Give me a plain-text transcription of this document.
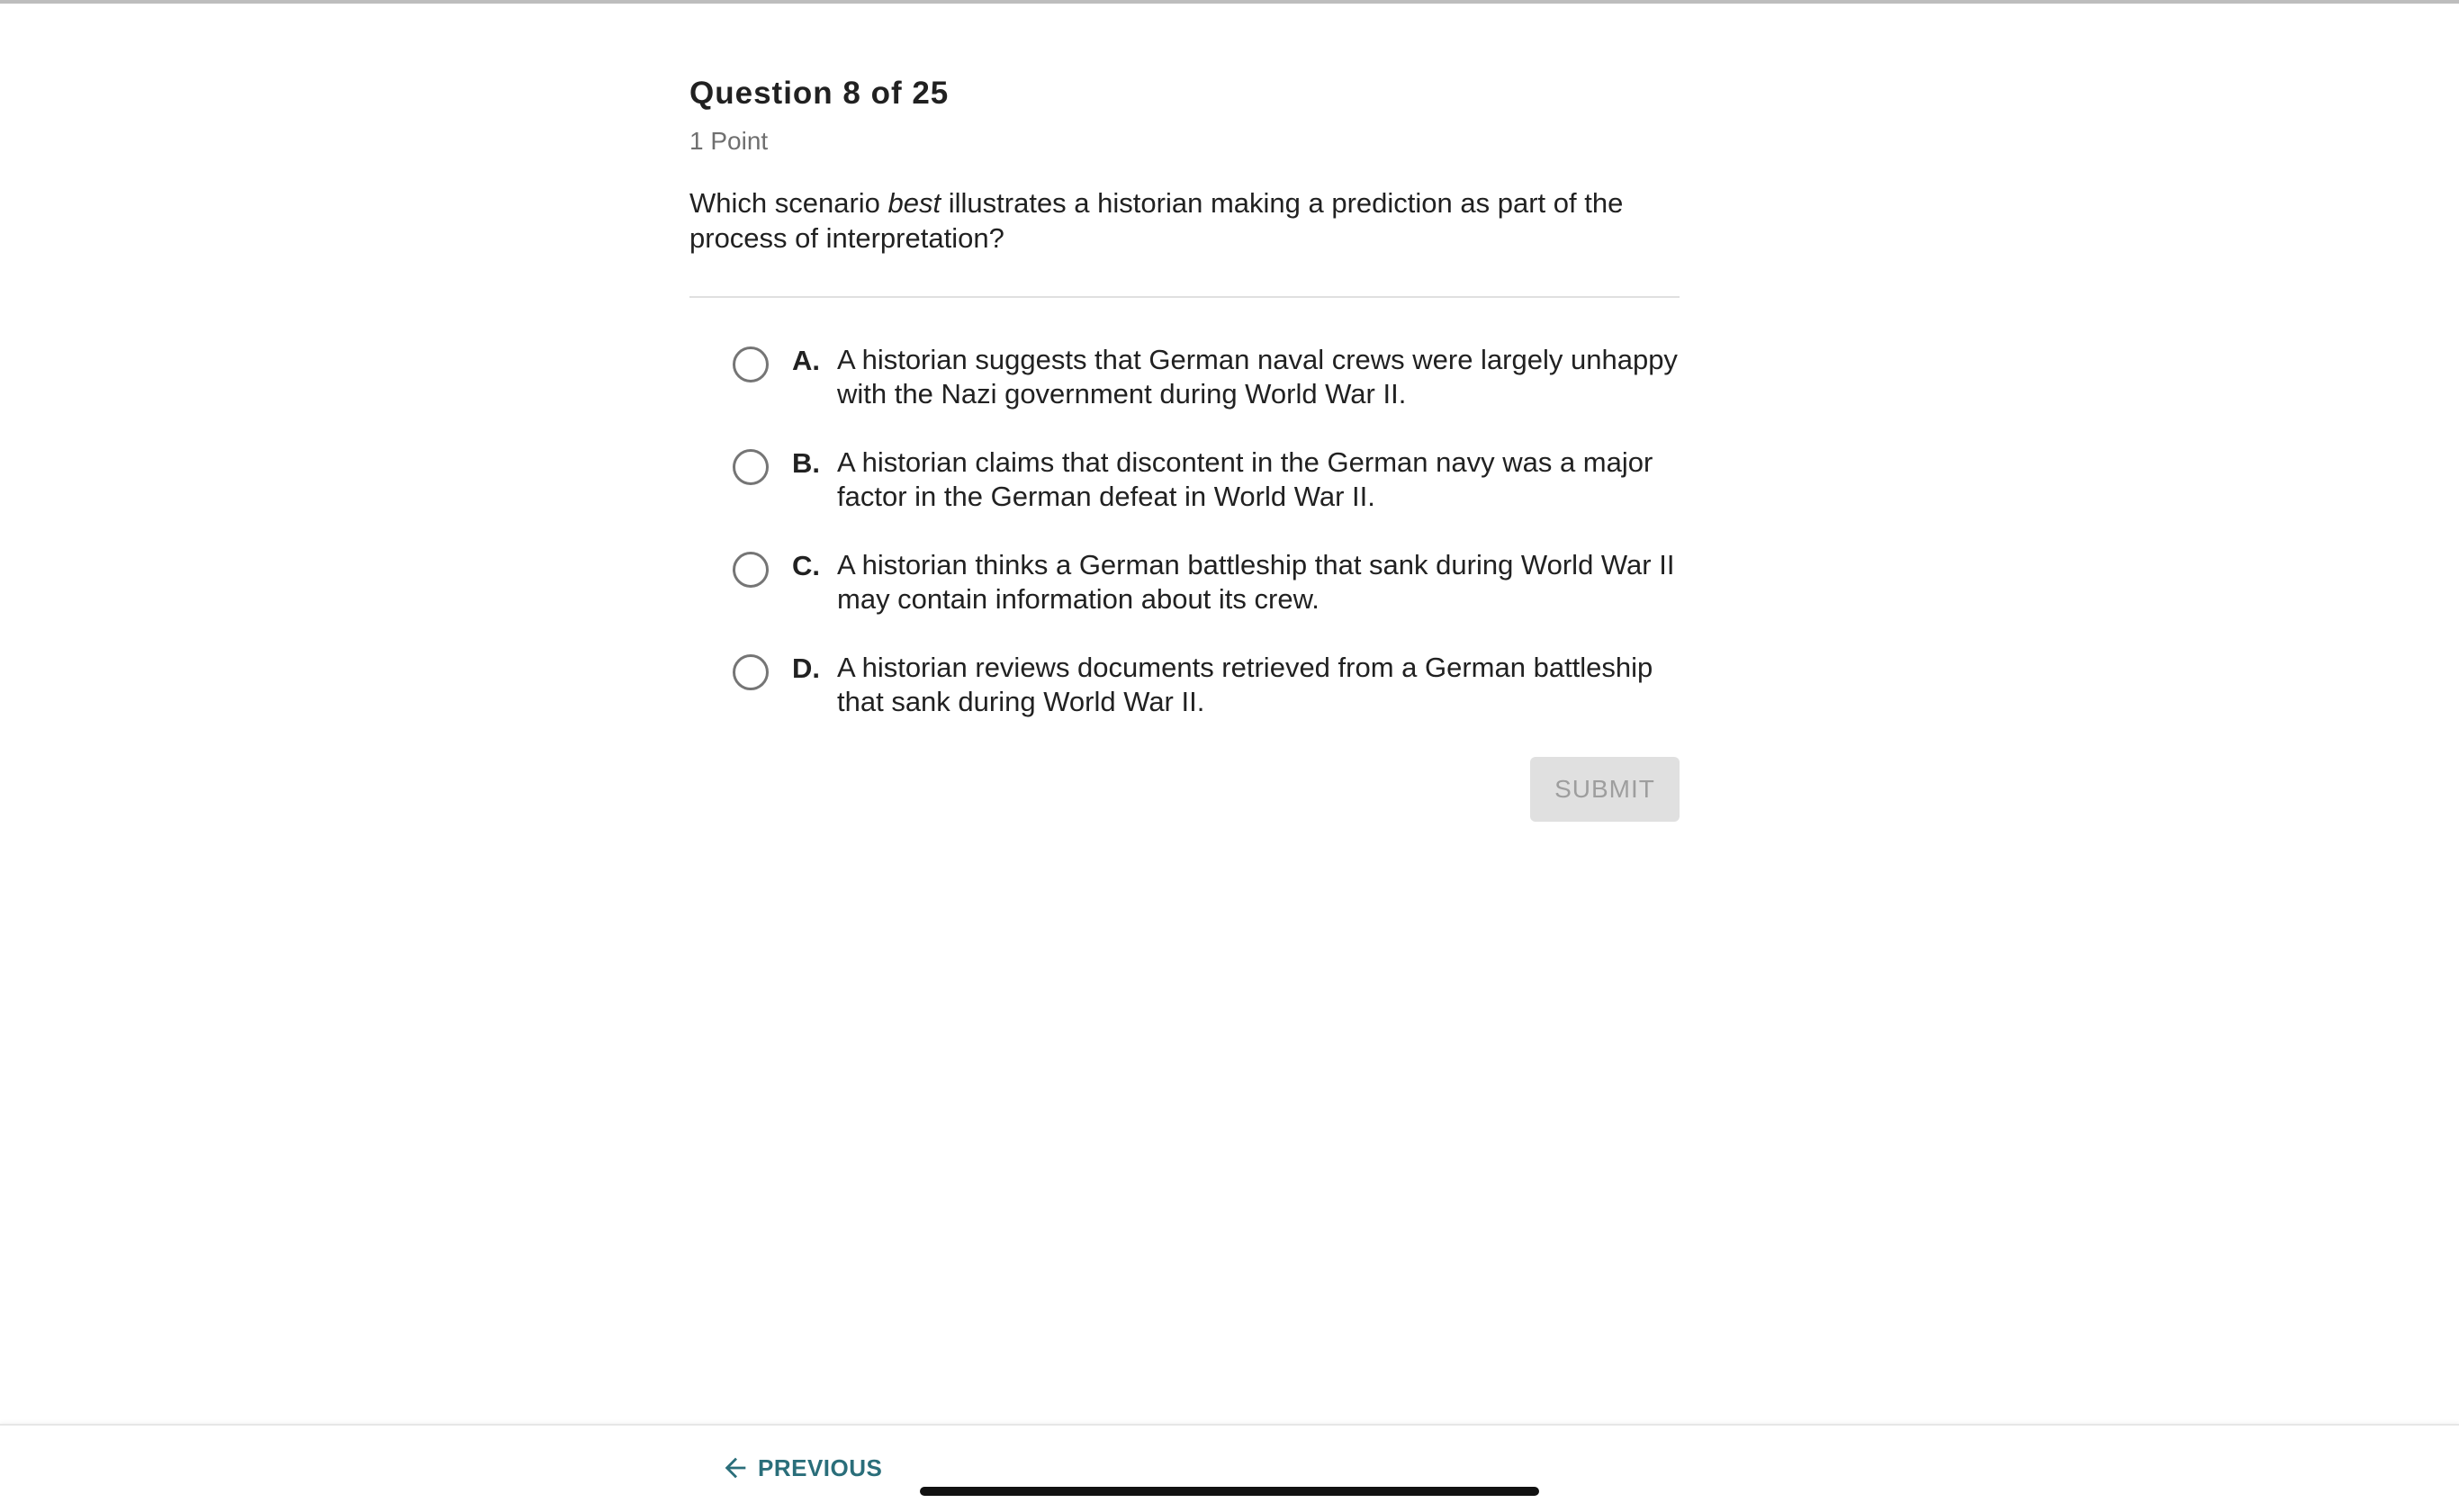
Question 8 of 25
1 Point
Which scenario best illustrates a historian making a prediction as part of the process of interpretation?
A. A historian suggests that German naval crews were largely unhappy with the Nazi government during World War II.
B. A historian claims that discontent in the German navy was a major factor in the German defeat in World War II.
C. A historian thinks a German battleship that sank during World War II may contain information about its crew.
D. A historian reviews documents retrieved from a German battleship that sank during World War II.
SUBMIT
PREVIOUS
